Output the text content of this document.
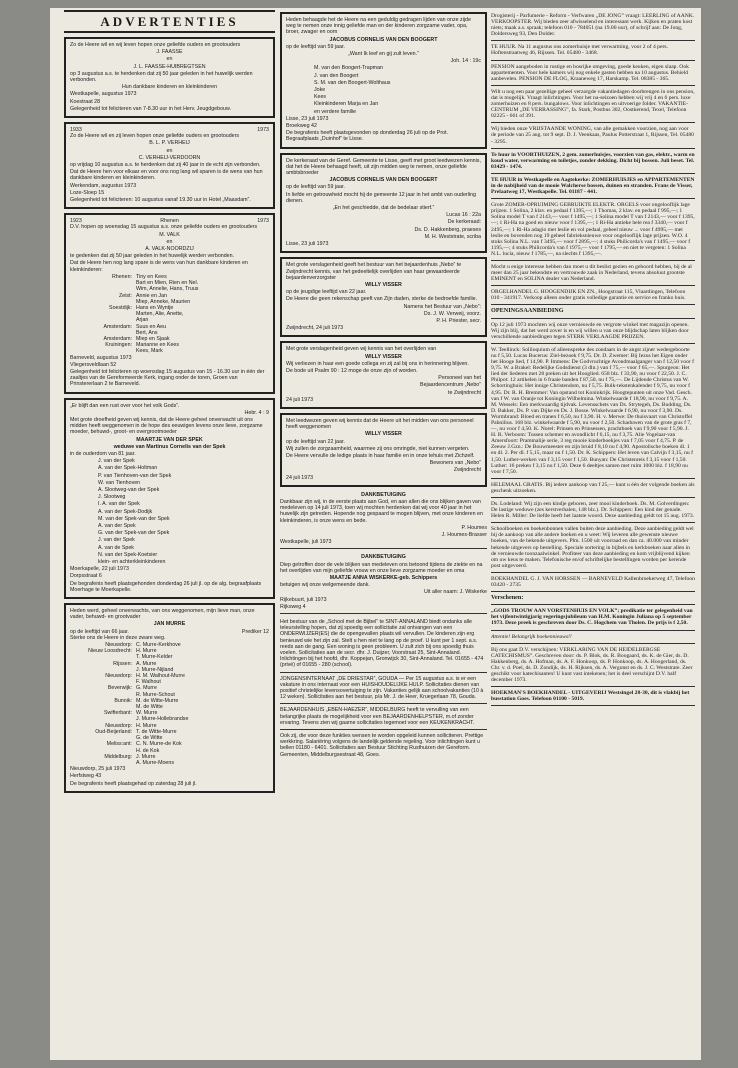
ADVERTENTIES

Zo de Heere wil en wij leven hopen onze geliefde ouders en grootouders

J. FAASSE

en

J. L. FAASSE-HUIBREGTSEN

op 3 augustus a.s. te herdenken dat zij 50 jaar geleden in het huwelijk werden verbonden.

Hun dankbare kinderen en kleinkinderen

Westkapelle, augustus 1973

Koestraat 28

Gelegenheid tot feliciteren van 7-8.30 uur in het Herv. Jeugdgebouw.

1933	1973

Zo de Heere wil en zij leven hopen onze geliefde ouders en grootouders

B. L. P. VERHEIJ

en

C. VERHEIJ-VERDOORN

op vrijdag 10 augustus a.s. te herdenken dat zij 40 jaar in de echt zijn verbonden.

Dat de Heere hen voor elkaar en voor ons nog lang wil sparen is de wens van hun dankbare kinderen en kleinkinderen.

Werkendam, augustus 1973

Loze-Sloep 15

Gelegenheid tot feliciteren: 10 augustus vanaf 19.30 uur in Hotel „Maasdam”.

1923	Rhenen	1973

D.V. hopen op woensdag 15 augustus a.s. onze geliefde ouders en grootouders

M. VALK

en

A. VALK-NOORDZIJ

te gedenken dat zij 50 jaar geleden in het huwelijk werden verbonden.

Dat de Heere hen nog lang spare is de wens van hun dankbare kinderen en kleinkinderen:

Rhenen: Tiny en Kees
Bart en Mien, Rien en Nel.
Wim, Annelie, Hans, Truus
Zeist: Annie en Jan
Miep, Anneke, Maurien
Soestdijk: Hans en Wyntje
Marten, Alie, Anette,
Arjan
Amsterdam: Suus en Aeu
Bert, Ans
Amsterdam: Miep en Sjaak
Kruiningen: Marianne en Kees
Kees, Mark

Barneveld, augustus 1973

Vliegersveldlaan 52

Gelegenheid tot feliciteren op woensdag 15 augustus van 15 - 16.30 uur in één der zaaltjes van de Gereformeerde Kerk, ingang onder de toren, Groen van Prinstererlaan 2 te Barneveld.

„Er blijft dan een rust over voor het volk Gods”.

Hebr. 4 : 9

Met grote droefheid geven wij kennis, dat de Heere geheel onverwacht uit ons midden heeft weggenomen in de hope des eeuwigen levens onze lieve, zorgzame moeder, behuwd-, groot- en overgrootmoeder

MAARTJE VAN DER SPEK

weduwe van Martinus Cornelis van der Spek

in de ouderdom van 81 jaar.

J. van der Spek

A. van der Spek-Holtman

P. van Tienhoven-van der Spek

W. van Tienhoven

A. Slootweg-van der Spek

J. Slootweg

I. A. van der Spek

A. van der Spek-Dodijk

M. van der Spek-van der Spek

A. van der Spek

G. van der Spek-van der Spek

J. van der Spek

A. van de Spek

N. van der Spek-Koetsier

klein- en achterkleinkinderen

Moerkapelle, 22 juli 1973

Dorpsstraat 6

De begrafenis heeft plaatsgehonden donderdag 26 juli jl. op de alg. begraafplaats Moerhage te Moerkapelle.

Heden werd, geheel onverwachts, van ons weggenomen, mijn lieve man, onze vader, behuwd- en grootvader

JAN MURRE

op de leeftijd van 66 jaar.	Prediker 12

Sterke ons de Heere in deze zware weg.

Nieuwdorp: C. Murre-Kerkhove
Nieuw Loosdrecht: H. Murre
T. Murre-Kelder
Rijssen: A. Murre
J. Murre-Nijland
Nieuwdorp: H. M. Walhout-Murre
F. Walhout
Beverwijk: G. Murre
R. Murre-Schout
Bunnik: M. de Witte-Murre
M. de Witte
Swifterbant: W. Murre
J. Murre-Hollebrandse
Nieuwdorp: H. Murre
Oud-Beijerland: T. de Witte-Murre
G. de Witte
Meliss:ant: C. N. Murre-de Kok
H. de Kok
Middelburg: J. Murre
A. Murre-Moens

Nieuwdorp, 25 juli 1973

Herfstweg 43

De begrafenis heeft plaatsgehad op zaterdag 28 juli jl.

Heden behaagde het de Heere na een geduldig gedragen lijden van onze zijde weg te nemen onze innig geliefde man en der kinderen zorgzame vader, opa, broer, zwager en oom

JACOBUS CORNELIS VAN DEN BOOGERT

op de leeftijd van 59 jaar.

„Want Ik leef en gij zult leven.”

Joh. 14 : 19c

M. van den Boogert-Trapman

J. van den Boogert

S. M. van den Boogert-Wolthaus

Joke

Kees

Kleinkinderen Marja en Jan

en verdere familie

Lisse, 23 juli 1973

Broekweg 42

De begrafenis heeft plaatsgevonden op donderdag 26 juli op de Prot. Begraafplaats „Duinhof” te Lisse.

De kerkeraad van de Geref. Gemeente te Lisse, geeft met groot leedwezen kennis, dat het de Heere behaagd heeft, uit zijn midden weg te nemen, onze geliefde ambtsbroeder

JACOBUS CORNELIS VAN DEN BOOGERT

op de leeftijd van 59 jaar.

In liefde en getrouwheid mocht hij de gemeente 12 jaar in het ambt van ouderling dienen.

„En het geschiedde, dat de bedelaar stierf.”

Lucas 16 : 22a

De kerkeraad:

Ds. D. Hakkenberg, praeses

M. H. Weststrate, scriba

Lisse, 23 juli 1973

Met grote verslagenheid geeft het bestuur van het bejaardenhuis „Nebo” te Zwijndrecht kennis, van het gedeeltelijk overlijden van haar gewaardeerde bejaardenverzorgster

WILLY VISSER

op de jeugdige leeftijd van 22 jaar.

De Heere die geen rekenschap geeft van Zijn daden, sterke de bedroefde familie.

Namens het Bestuur van „Nebo”:

Ds. J. W. Verweij, voorz.

P. H. Priester, secr.

Zwijndrecht, 24 juli 1973

Met grote verslagenheid geven wij kennis van het overlijden van

WILLY VISSER

Wij verliezen in haar een goede collega en zij zal bij ons in herinnering blijven.

De bode uit Psalm 90 : 12 moge de onze zijn of worden.

Personeel van het

Bejaardencentrum „Nebo”

te Zwijndrecht

24 juli 1973

Met leedwezen geven wij kennis dat de Heere uit het midden van ons personeel heeft weggenomen

WILLY VISSER

op de leeftijd van 22 jaar.

Wij zullen de zorgzaamheid, waarmee zij ons omringde, niet kunnen vergeten.

De Heere vervulle de ledige plaats in haar familie en in onze tehuis met Zichzelf.

Bewoners van „Nebo”

Zwijndrecht

24 juli 1973

DANKBETUIGING

Dankbaar zijn wij, in de eerste plaats aan God, en aan allen die ons blijken gaven van medeleven op 14 juli 1973, toen wij mochten herdenken dat wij voor 40 jaar in het huwelijk zijn getreden. Hopende nog gespaard te mogen blijven, met onze kinderen en kleinkinderen, is onze wens en bede.

P. Houmes

J. Houmes-Brasser

Westkapelle, juli 1973

DANKBETUIGING

Diep getroffen door de vele blijken van medeleven ons betoond tijdens de ziekte en na het overlijden van mijn geliefde vrouw en onze lieve zorgzame moeder en oma

MAATJE ANNA WISKERKE-geb. Schippers

betuigen wij onze welgemeende dank.

Uit aller naam: J. Wiskerke

Rijkebuurt, juli 1973

Rijksweg 4

Het bestuur van de „School met de Bijbel” te SINT-ANNALAND biedt ondanks alle teleurstelling hopen, dat zij spoedig een sollicitatie zal ontvangen van een ONDERWIJZER(ES) die de opengevallen plaats wil vervullen. De kinderen zijn erg benieuwd wie het zijn zal. Stelt u hen niet te lang op de proef. U kunt per 1 sept. a.s. reeds aan de gang. Een woning is geen probleem. U zult zich bij ons spoedig thuis voelen. Sollicitaties aan de secr. dhr. J. Duijzer, Voorstraat 25, Sint-Annaland. Inlichtingen bij het hoofd, dhr. Koppejan, Gronwijck 30, Sint-Annaland. Tel. 01655 - 474 (privé) of 01655 - 280 (school).

JONGENSINTERNAAT „DE DRIESTAR”, GOUDA — Per 15 augustus a.s. is er een vakature in ons internaat voor een HUISHOUDELIJKE HULP. Sollicitaties dienen van positief christelijke levensovertuiging te zijn. Vakanties gelijk aan schoolvakanties (10 à 12 weken). Sollicitaties aan het bestuur, p/a Mr. J. de Heer, Kruegerlaan 78, Gouda.

BEJAARDENHUIS „EBEN-HAEZER”, MIDDELBURG heeft te vervulling van een belangrijke plaats de mogelijkheid voor een BEJAARDENHELPSTER, m.of zonder ervaring. Tevens zien wij gaarne sollicitaties tegemoet voor een KEUKENKRACHT.

Ook zij, die voor deze funkties wensen te worden opgeleid kunnen solliciteren. Prettige werkkring. Salariëring volgens de landelijk geldende regeling. Voor inlichtingen kunt u bellen 01180 - 6401. Sollicitaties aan Bestuur Stichting Rusthuizen der Gereform. Gemeenten, Middelburgsestraat 48, Goes.

Drogisterij - Parfumerie - Reform - Verfwaren „DE JONG” vraagt: LEERLING of AANK. VERKOOPSTER. Wij bieden zeer afwisselend en interessant werk. Kijken en praten kost niets; maak a.s. spraak; telefoon 010 - 784051 (na 19.00 uur), of schrijf aan: De Jong, Doldersweg 93, Den Dolder.

TE HUUR. Na 11 augustus ons zomerhuisje met verwarming, voor 2 of 4 pers. Hoftenstraatweg 46, Rijssen. Tel. 05480 - 3468.

PENSION aangeboden in rustige en bosrijke omgeving, goede keuken, eigen slaap. Ook appartementen. Voor hele kamers wij nog enkele gasten hebben na 10 augustus. Behield aanbevelen. PENSION DE FLOG, Kraaneweg 17, Harskamp. Tel. 08385 - 365.

Wilt u nog een paar gezellige geheel verzorgde vakantiedagen doorbrengen in ons pension, dat is mogelijk. Vraagt inlichtingen. Voor het na-seizoen hebben wij vrij 4 en 6 pers. luxe zomerhuizen en 8 pers. bungalows. Voor inlichtingen en uitvoerige folder. VAKANTIE-CENTRUM „DE VERRASSING”, fa. Stark, Postbus 302, Oostkerend, Texel, Telefoon 02225 - 661 of 391.

Wij bieden onze VRIJSTAANDE WONING, van alle gemakken voorzien, nog aan voor de periode van 25 aug. tot 9 sept. D. J. Veenkaas, Paulus Potterstraat 1, Rijssen, Tel. 05480 - 3295.

Te huur in VOORTHUIZEN, 2 gem. zomerhuisjes, voorzien van gas, elektr., warm en koud water, verwarming en toiletjes, zonder dekking. Dicht bij bossen. Juli beset. Tel. 03429 - 1474.

TE HUUR in Westkapelle en Aagtekerke: ZOMERHUISJES en APPARTEMENTEN in de nabijheid van de mooie Walcherse bossen, duinen en stranden. Frans de Visser, Prelaatweg 17, Westkapelle. Tel. 01187 - 441.

Grote ZOMER-OPRUIMING GEBRUIKTE ELEKTR. ORGELS voor ongelooflijk lage prijzen. 1 Solina, 2 klav. en pedaal f 1395,—; 1 Thomas, 2 klav. en pedaal f 995,—; 1 Solina model T van f 2143,— voor f 1495,—; 1 Solina model T van f 2143,— voor f 1395,—; 1 Ri-Ha na goed en nieuw voor f 1395,—; 1 Ri-Ha antieke hele rea f 3340,— voor f 2495,—; 1 Ri-Ha adagio met leslie en vol pedaal, geheel nieuw ... voor f 4995,— met leslie en bovenden nog 19 geheel fabrieksnieuwe voor ongelooflijk lage prijzen. W.O. 4 stuks Solina N.L. van f 3495,— voor f 2895,—; 4 stuks Philicorda's van f 1495,— voor f 1195,—; 4 stuks Philicorda's van f 1975,— voor f 1795,— en niet te vergeten: 1 Solina N.L. lucia, nieuw f 1785,—, na slechts f 1395,—.

Mocht u enige interesse hebben dan moet u dit beslist gezien en gehoord hebben, bij de al meer dan 25 jaar bekendste en vertrouwde zaak in Nederland, tevens absoluut grootste EMINENT en SOLINA dealer van Nederland.

ORGELHANDEL G. HOOGENDIJK EN ZN., Hoogstraat 115, Vlaardingen, Telefoon 010 - 341917. Verkoop alleen onder gratis volledige garantie en service en franko huis.

OPENINGSAANBIEDING

Op 12 juli 1973 mochten wij onze vernieuwde en vergrote winkel met magazijn openen. Wij zijn blij, dat het werd zover is en wij willen u van onze blijdschap laten blijken door verschillende aanbiedingen tegen STERK VERLAAGDE PRIJZEN.

W. Teellinck: Soliloquium of alleenspreke des zondaars in de angst zijner wedergeboorte nu f 5,50. Lucas Bucerus: Ziel-bezoek f 9,75. Dr. D. Zwemer: Bij Iezus het Eigen onder het Hooge lied, f 14,90. P. Immens: De Godvruchtige Avondmaalganger van f 12,50 voor f 9,75. W. a Brakel: Redelijke Godsdienst (3 dln.) van f 75,— voor f 65,—. Spurgeon: Het lied der liederen met 28 preken uit het Hooglied. 658 blz. f 33,90, nu voor f 22,50. J. C. Philpot: 12 artikelen in 6 fraaie banden f 87,50, nu f 75,—. De Lijdende Christus van W. Schortinghuis: Het innige Christendom, nu f 5,75. Bulk-tekstenkalender f 9,75, nu voor f 4,95. Dr. R. H. Bremmer: Van opstand tot Koninkrijk. Hoogtepunten uit onze Vad. Gesch. van f W. van Oranje tot Koningin Wilhelmina. Winkelwaarde f 18,90, nu voor f 9,75. A. M. Wessels: Een merkwaardig tijdvak. Levensschets van Ds. Strytegeh, Ds. Budding, Ds. D. Bakker, Ds. P. van Dijke en Ds. J. Bosse. Winkelwaarde f 6,90, nu voor f 3,90. Ds. Wurmbrand: Bloed en tranen f 6,50, nu f 3,90. H. v. Merwe: De thuisvaart van Christoffel Pabnilius. 168 blz. winkelwaarde f 5,90, nu voor f 2,50. Schaduwen van de grote gras f 7,—, nu voor f 4,50. K. Norel: Prinsen en Prinsessen, prachtboek van f 9,90 voor f 5,90. J. H. R. Verboom: Tussen schemer en avondlicht f 6,15, nu f 3,75. Alie Vogelaar-van Amersfoort: Prammalije serie, 3 reg mooie kinderboekjes van f 7,05 voor f 4,75. P. de Zeeuw J.Gzn.: De Bouwmeester en zijn bruid f 8,10 nu f 4,90. Apostolische boeken dl. 1 en dl. 2. Per dl. f 5,15, maar nu f 1,50. Dr. K. Schippers: Het leven van Calvijn f 3,15, nu f 1,50. Luther-werken van f 3,15 voor f 1,50. Bunyan: De Christenreis f 3,15 voor f 1,50. Luther: 16 preken f 3,15 nu f 1,50. Deze 6 deeltjes samen met ruim 1000 blz. f 18,90 nu voor f 7,50.

HELEMAAL GRATIS. Bij iedere aankoop van f 25,— kunt u één der volgende boeken als geschenk uitzoeken.

Ds. Lodeland: Wij zijn een kindje geboren, zeer mooi kinderboek. Ds. M. Golverdingen: De lastige weduwe (zes kerstverhalen, 148 blz.). Dr. Schippers: Een kind der genade. Helen R. Miller: De liefde heeft het laatste woord. Deze aanbieding geldt tot 15 aug. 1973.

Schoolboeken en boekenbonnen vallen buiten deze aanbieding. Deze aanbieding geldt wel bij de aankoop van alle andere boeken en u weet: Wij leveren alle gewenste nieuwe boeken, van de bekende uitgevers. Plm. 1500 uit voorraad en dan ca. 40.000 van minder bekende uitgevers op bestelling. Speciale sortering in bijbels en kerkboeken naar allen in de vernieuwde toonzaalwinkel. Profiteer van deze aanbieding en kom vrijblijvend kijken om uw keus te maken. Telefonische en/of schriftelijke bestellingen worden per kerende post uitgevoerd.

BOEKHANDEL G. J. VAN HORSSEN — BARNEVELD Kallenbroekerweg 47, Telefoon 03420 - 2735

Verschenen:

„GODS TROUW AAN VORSTENHUIS EN VOLK”; predikatie ter gelegenheid van het vijfentwintigjarig regeringsjubileum van H.M. Koningin Juliana op 5 september 1973. Deze preek is geschreven door Ds. C. Hogchem van Tholen. De prijs is f 2,50.

Attentie! Belangrijk boekennieuws!!

Bij ons gaat D.V. verschijnen: VERKLARING VAN DE HEIDELBERGSE CATECHISMUS”. Geschreven door: ds. P. Blok, ds. R. Boogaard, ds. K. de Gier, ds. D. Hakkenberg, ds. A. Hofman, ds. A. F. Honkoop, ds. P. Honkoop, ds. A. Hoogerland, ds. Chr. v. d. Poel, ds. D. Zondijk, ds. H. Rijksen, ds. A. Vergunst en ds. J. C. Weststrate. Zeer geschikt voor katechisanten! U kunt vast intekenen; het is deel verschijnt D.V. half december 1973.

HOEKMAN'S BOEKHANDEL - UITGEVERIJ Westsingel 28-30, dit is vlakbij het busstation Goes. Telefoon 01100 - 5019.
